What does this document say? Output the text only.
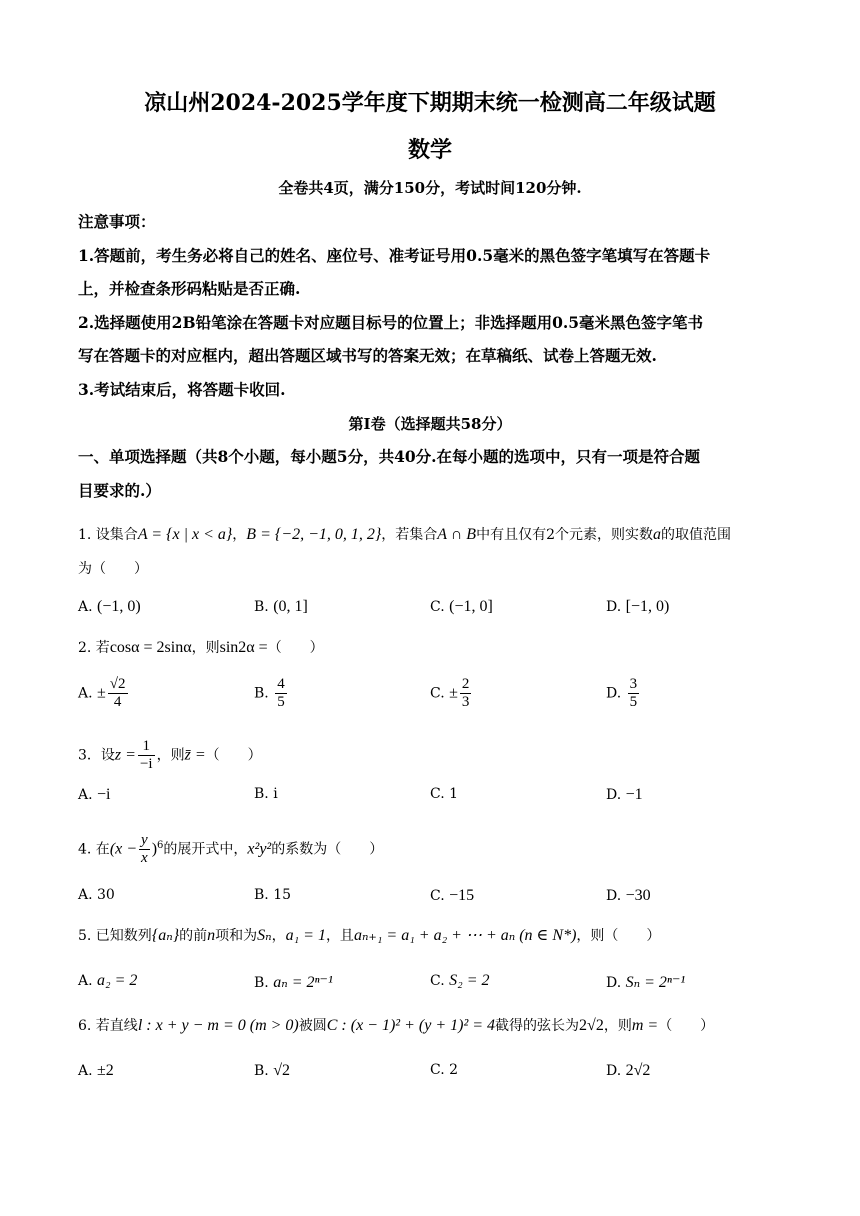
凉山州2024-2025学年度下期期末统一检测高二年级试题
数学
全卷共4页，满分150分，考试时间120分钟.
注意事项：
1.答题前，考生务必将自己的姓名、座位号、准考证号用0.5毫米的黑色签字笔填写在答题卡
上，并检查条形码粘贴是否正确.
2.选择题使用2B铅笔涂在答题卡对应题目标号的位置上；非选择题用0.5毫米黑色签字笔书
写在答题卡的对应框内，超出答题区域书写的答案无效；在草稿纸、试卷上答题无效.
3.考试结束后，将答题卡收回.
第Ⅰ卷（选择题共58分）
一、单项选择题（共8个小题，每小题5分，共40分.在每小题的选项中，只有一项是符合题
目要求的.）
1. 设集合A = {x | x < a}，B = {−2, −1, 0, 1, 2}，若集合A ∩ B中有且仅有2个元素，则实数a的取值范围
为（　　）
A. (−1, 0)	B. (0, 1]	C. (−1, 0]	D. [−1, 0)
2. 若cosα = 2sinα，则sin2α =（　　）
A. ± $\frac{√2}{4}$	B. $\frac{4}{5}$	C. ± $\frac{2}{3}$	D. $\frac{3}{5}$
3．设$z = \frac{1}{-i}$ ，则z̄ =（　　）
A. −i	B. i	C. 1	D. −1
4. 在$(x - \frac{y}{x} )^6$的展开式中，x²y²的系数为（　　）
A. 30	B. 15	C. −15	D. −30
5. 已知数列{aₙ}的前n项和为Sₙ，a₁ = 1，且aₙ₊₁ = a₁ + a₂ + ⋯ + aₙ (n ∈ N*)，则（　　）
A. a₂ = 2	B. aₙ = 2ⁿ⁻¹	C. S₂ = 2	D. Sₙ = 2ⁿ⁻¹
6. 若直线l : x + y − m = 0 (m > 0)被圆C : (x − 1)² + (y + 1)² = 4截得的弦长为2√2，则m =（　　）
A. ±2	B. √2	C. 2	D. 2√2
